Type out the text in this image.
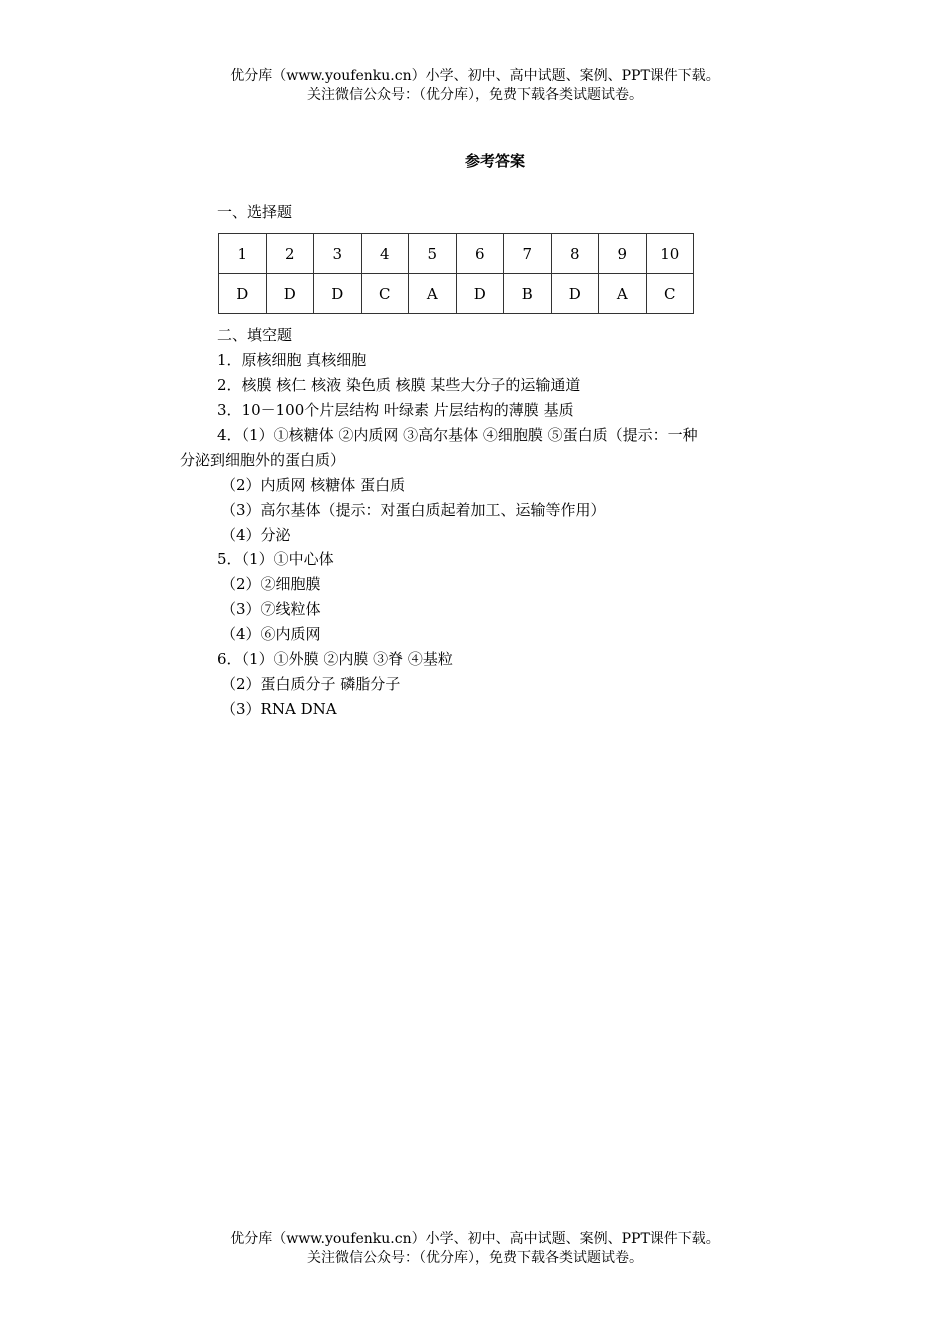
优分库（www.youfenku.cn）小学、初中、高中试题、案例、PPT课件下载。
关注微信公众号：（优分库），免费下载各类试题试卷。
参考答案
一、选择题
1	2	3	4	5	6	7	8	9	10
D	D	D	C	A	D	B	D	A	C
二、填空题
1．原核细胞 真核细胞
2．核膜 核仁 核液 染色质 核膜 某些大分子的运输通道
3．10－100个片层结构 叶绿素 片层结构的薄膜 基质
4．（1）①核糖体 ②内质网 ③高尔基体 ④细胞膜 ⑤蛋白质（提示：一种
分泌到细胞外的蛋白质）
（2）内质网 核糖体 蛋白质
（3）高尔基体（提示：对蛋白质起着加工、运输等作用）
（4）分泌
5．（1）①中心体
（2）②细胞膜
（3）⑦线粒体
（4）⑥内质网
6．（1）①外膜 ②内膜 ③脊 ④基粒
（2）蛋白质分子 磷脂分子
（3）RNA DNA
优分库（www.youfenku.cn）小学、初中、高中试题、案例、PPT课件下载。
关注微信公众号：（优分库），免费下载各类试题试卷。
